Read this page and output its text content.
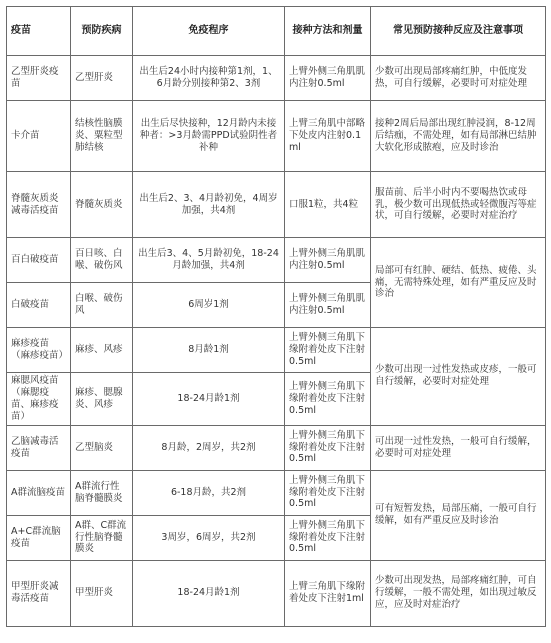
疫苗	预防疾病	免疫程序	接种方法和剂量	常见预防接种反应及注意事项
乙型肝炎疫苗	乙型肝炎	出生后24小时内接种第1剂，1、6月龄分别接种第2、3剂	上臂外侧三角肌肌内注射0.5ml	少数可出现局部疼痛红肿，中低度发热，可自行缓解，必要时可对症处理
卡介苗	结核性脑膜炎、粟粒型肺结核	出生后尽快接种，12月龄内未接种者：>3月龄需PPD试验阴性者补种	上臂三角肌中部略下处皮内注射0.1ml	接种2周后局部出现红肿浸润，8-12周后结痂，不需处理，如有局部淋巴结肿大软化形成脓疱，应及时诊治
脊髓灰质炎减毒活疫苗	脊髓灰质炎	出生后2、3、4月龄初免，4周岁加强，共4剂	口服1粒，共4粒	服苗前、后半小时内不要喝热饮或母乳，极少数可出现低热或轻微腹泻等症状，可自行缓解，必要时对症治疗
百白破疫苗	百日咳、白喉、破伤风	出生后3、4、5月龄初免，18-24月龄加强，共4剂	上臂外侧三角肌肌内注射0.5ml	局部可有红肿、硬结、低热、疲倦、头痛，无需特殊处理，如有严重反应及时诊治
白破疫苗	白喉、破伤风	6周岁1剂	上臂外侧三角肌肌内注射0.5ml	
麻疹疫苗（麻疹疫苗）	麻疹、风疹	8月龄1剂	上臂外侧三角肌下缘附着处皮下注射0.5ml	少数可出现一过性发热或皮疹，一般可自行缓解，必要时对症处理
麻腮风疫苗（麻腮疫苗、麻疹疫苗）	麻疹、腮腺炎、风疹	18-24月龄1剂	上臂外侧三角肌下缘附着处皮下注射0.5ml	
乙脑减毒活疫苗	乙型脑炎	8月龄，2周岁，共2剂	上臂外侧三角肌下缘附着处皮下注射0.5ml	可出现一过性发热，一般可自行缓解，必要时可对症处理
A群流脑疫苗	A群流行性脑脊髓膜炎	6-18月龄，共2剂	上臂外侧三角肌下缘附着处皮下注射0.5ml	可有短暂发热，局部压痛，一般可自行缓解，如有严重反应及时诊治
A+C群流脑疫苗	A群、C群流行性脑脊髓膜炎	3周岁，6周岁，共2剂	上臂外侧三角肌下缘附着处皮下注射0.5ml	
甲型肝炎减毒活疫苗	甲型肝炎	18-24月龄1剂	上臂三角肌下缘附着处皮下注射1ml	少数可出现发热，局部疼痛红肿，可自行缓解，一般不需处理，如出现过敏反应，应及时对症治疗
